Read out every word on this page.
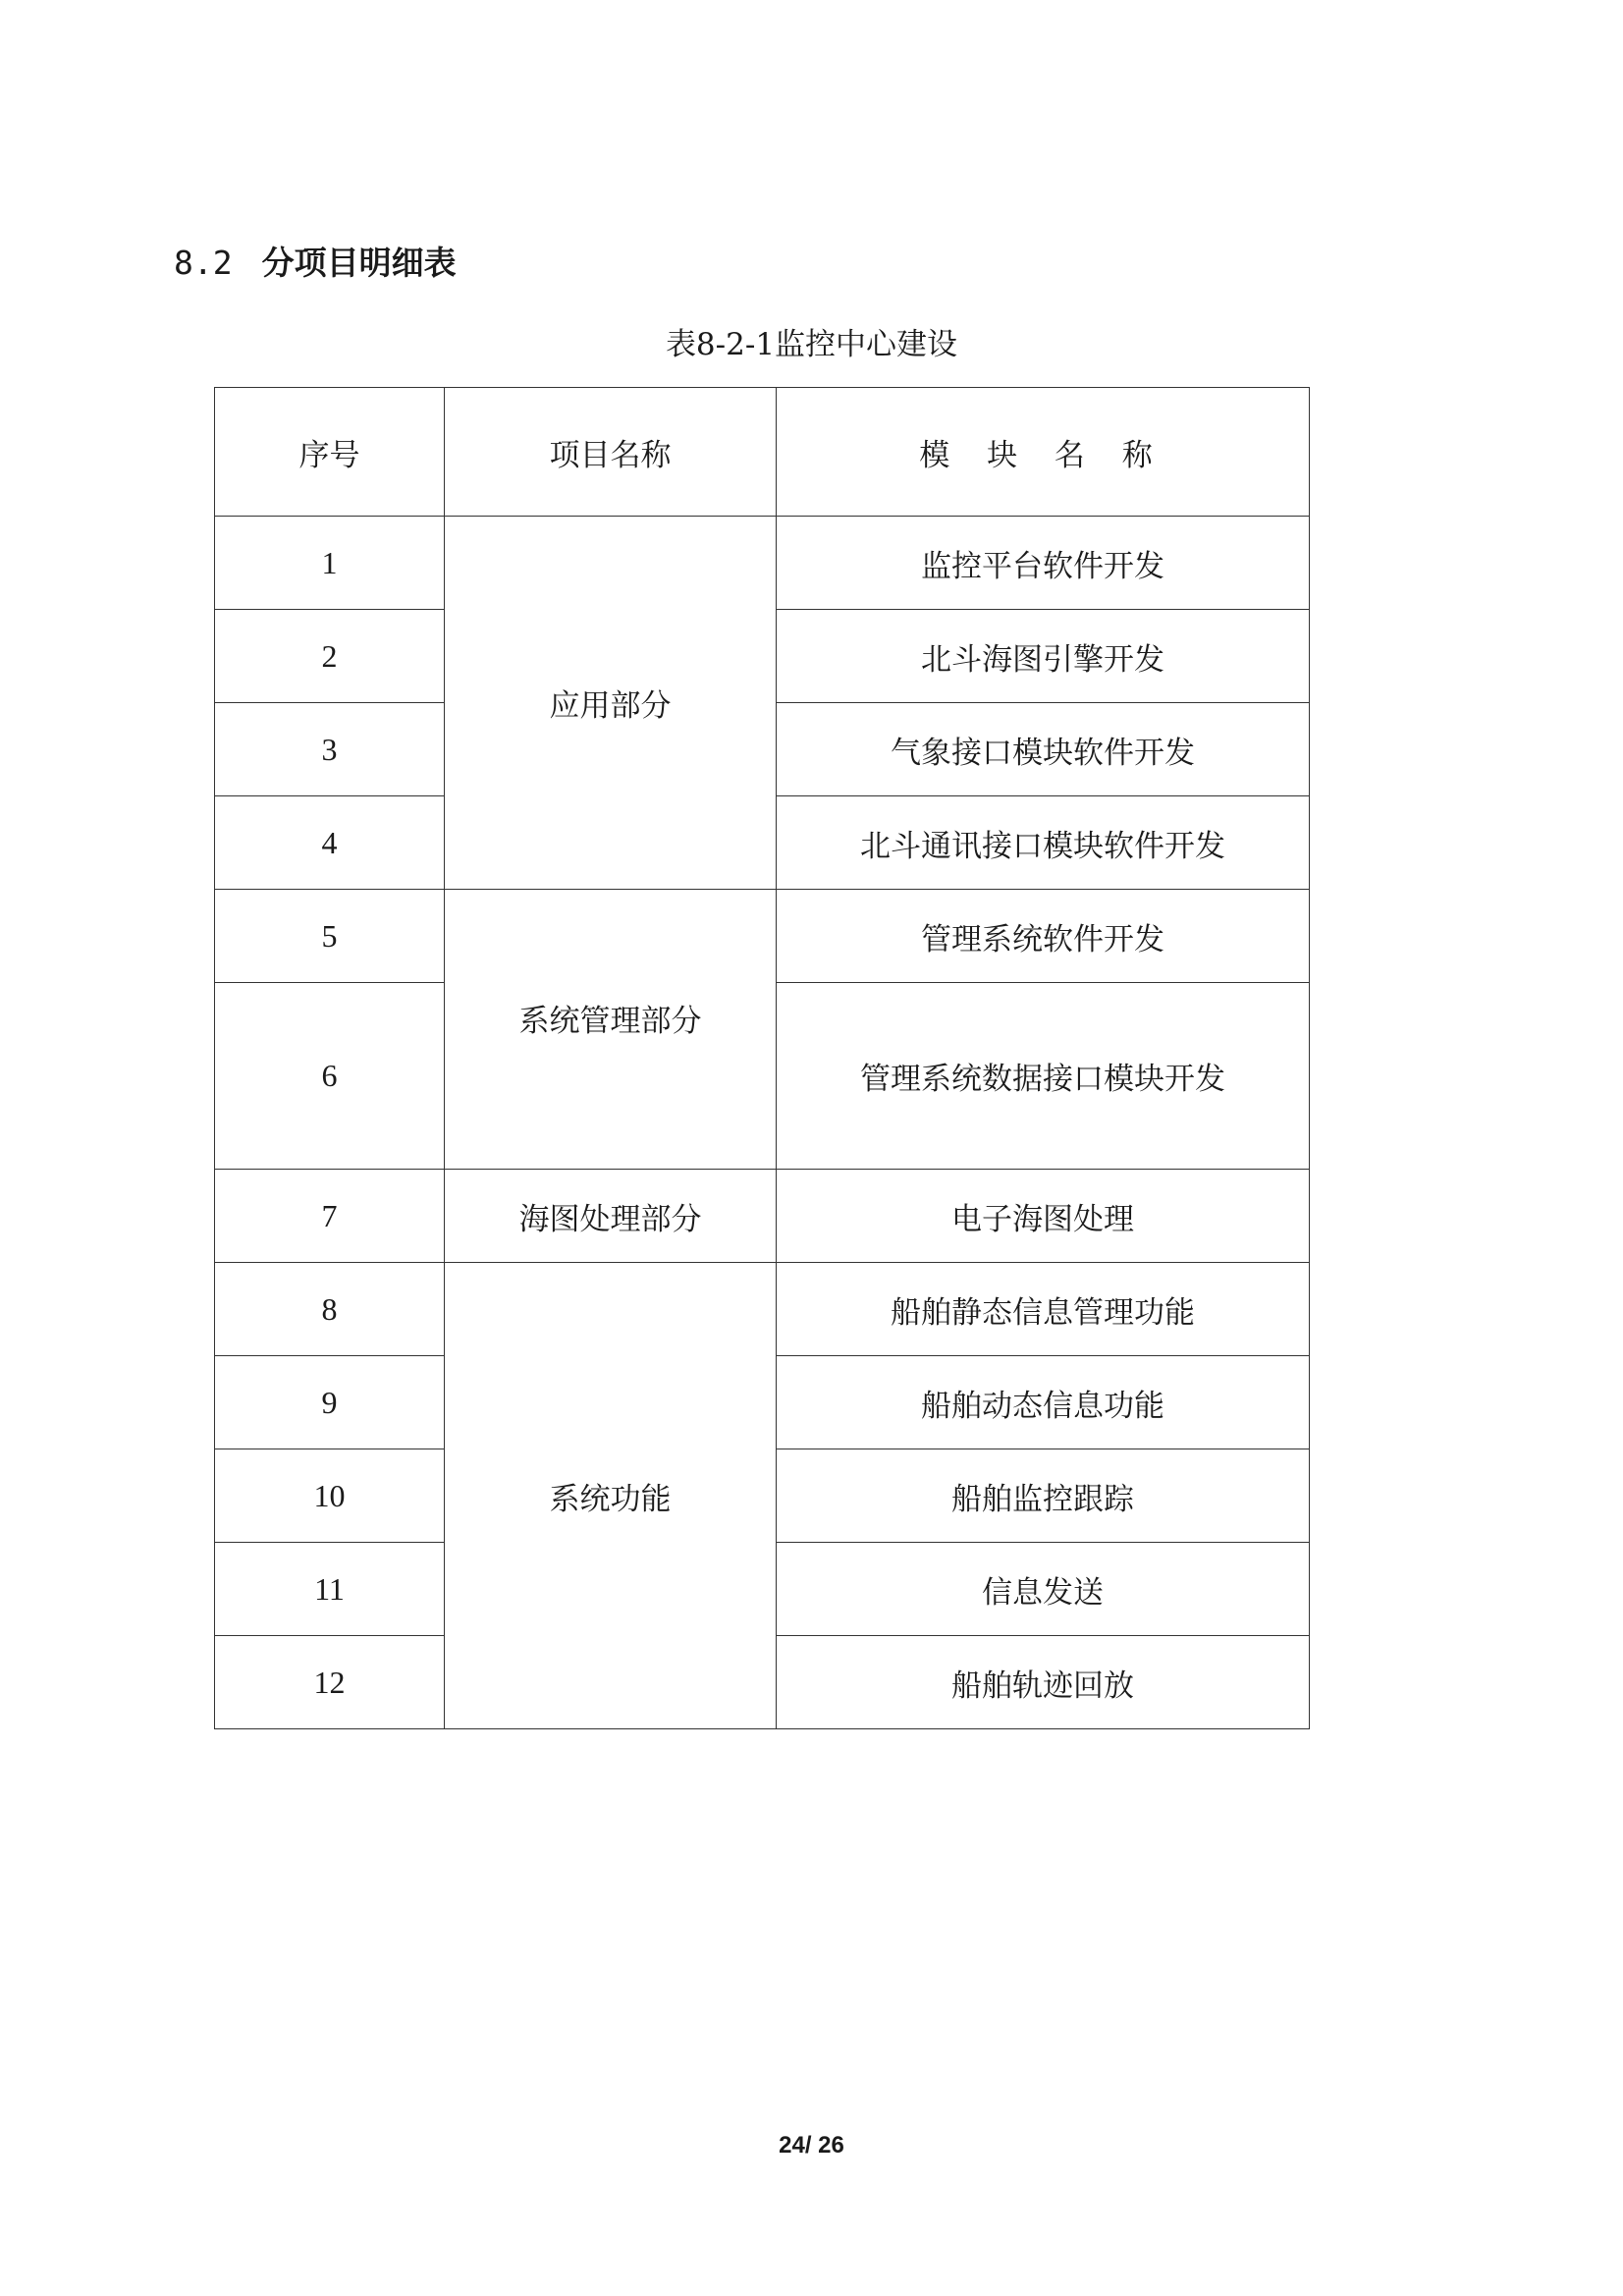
8.2 分项目明细表
表8-2-1监控中心建设
序号	项目名称	模 块 名 称
1	应用部分	监控平台软件开发
2		北斗海图引擎开发
3		气象接口模块软件开发
4		北斗通讯接口模块软件开发
5	系统管理部分	管理系统软件开发
6		管理系统数据接口模块开发
7	海图处理部分	电子海图处理
8	系统功能	船舶静态信息管理功能
9		船舶动态信息功能
10		船舶监控跟踪
11		信息发送
12		船舶轨迹回放
24/ 26
